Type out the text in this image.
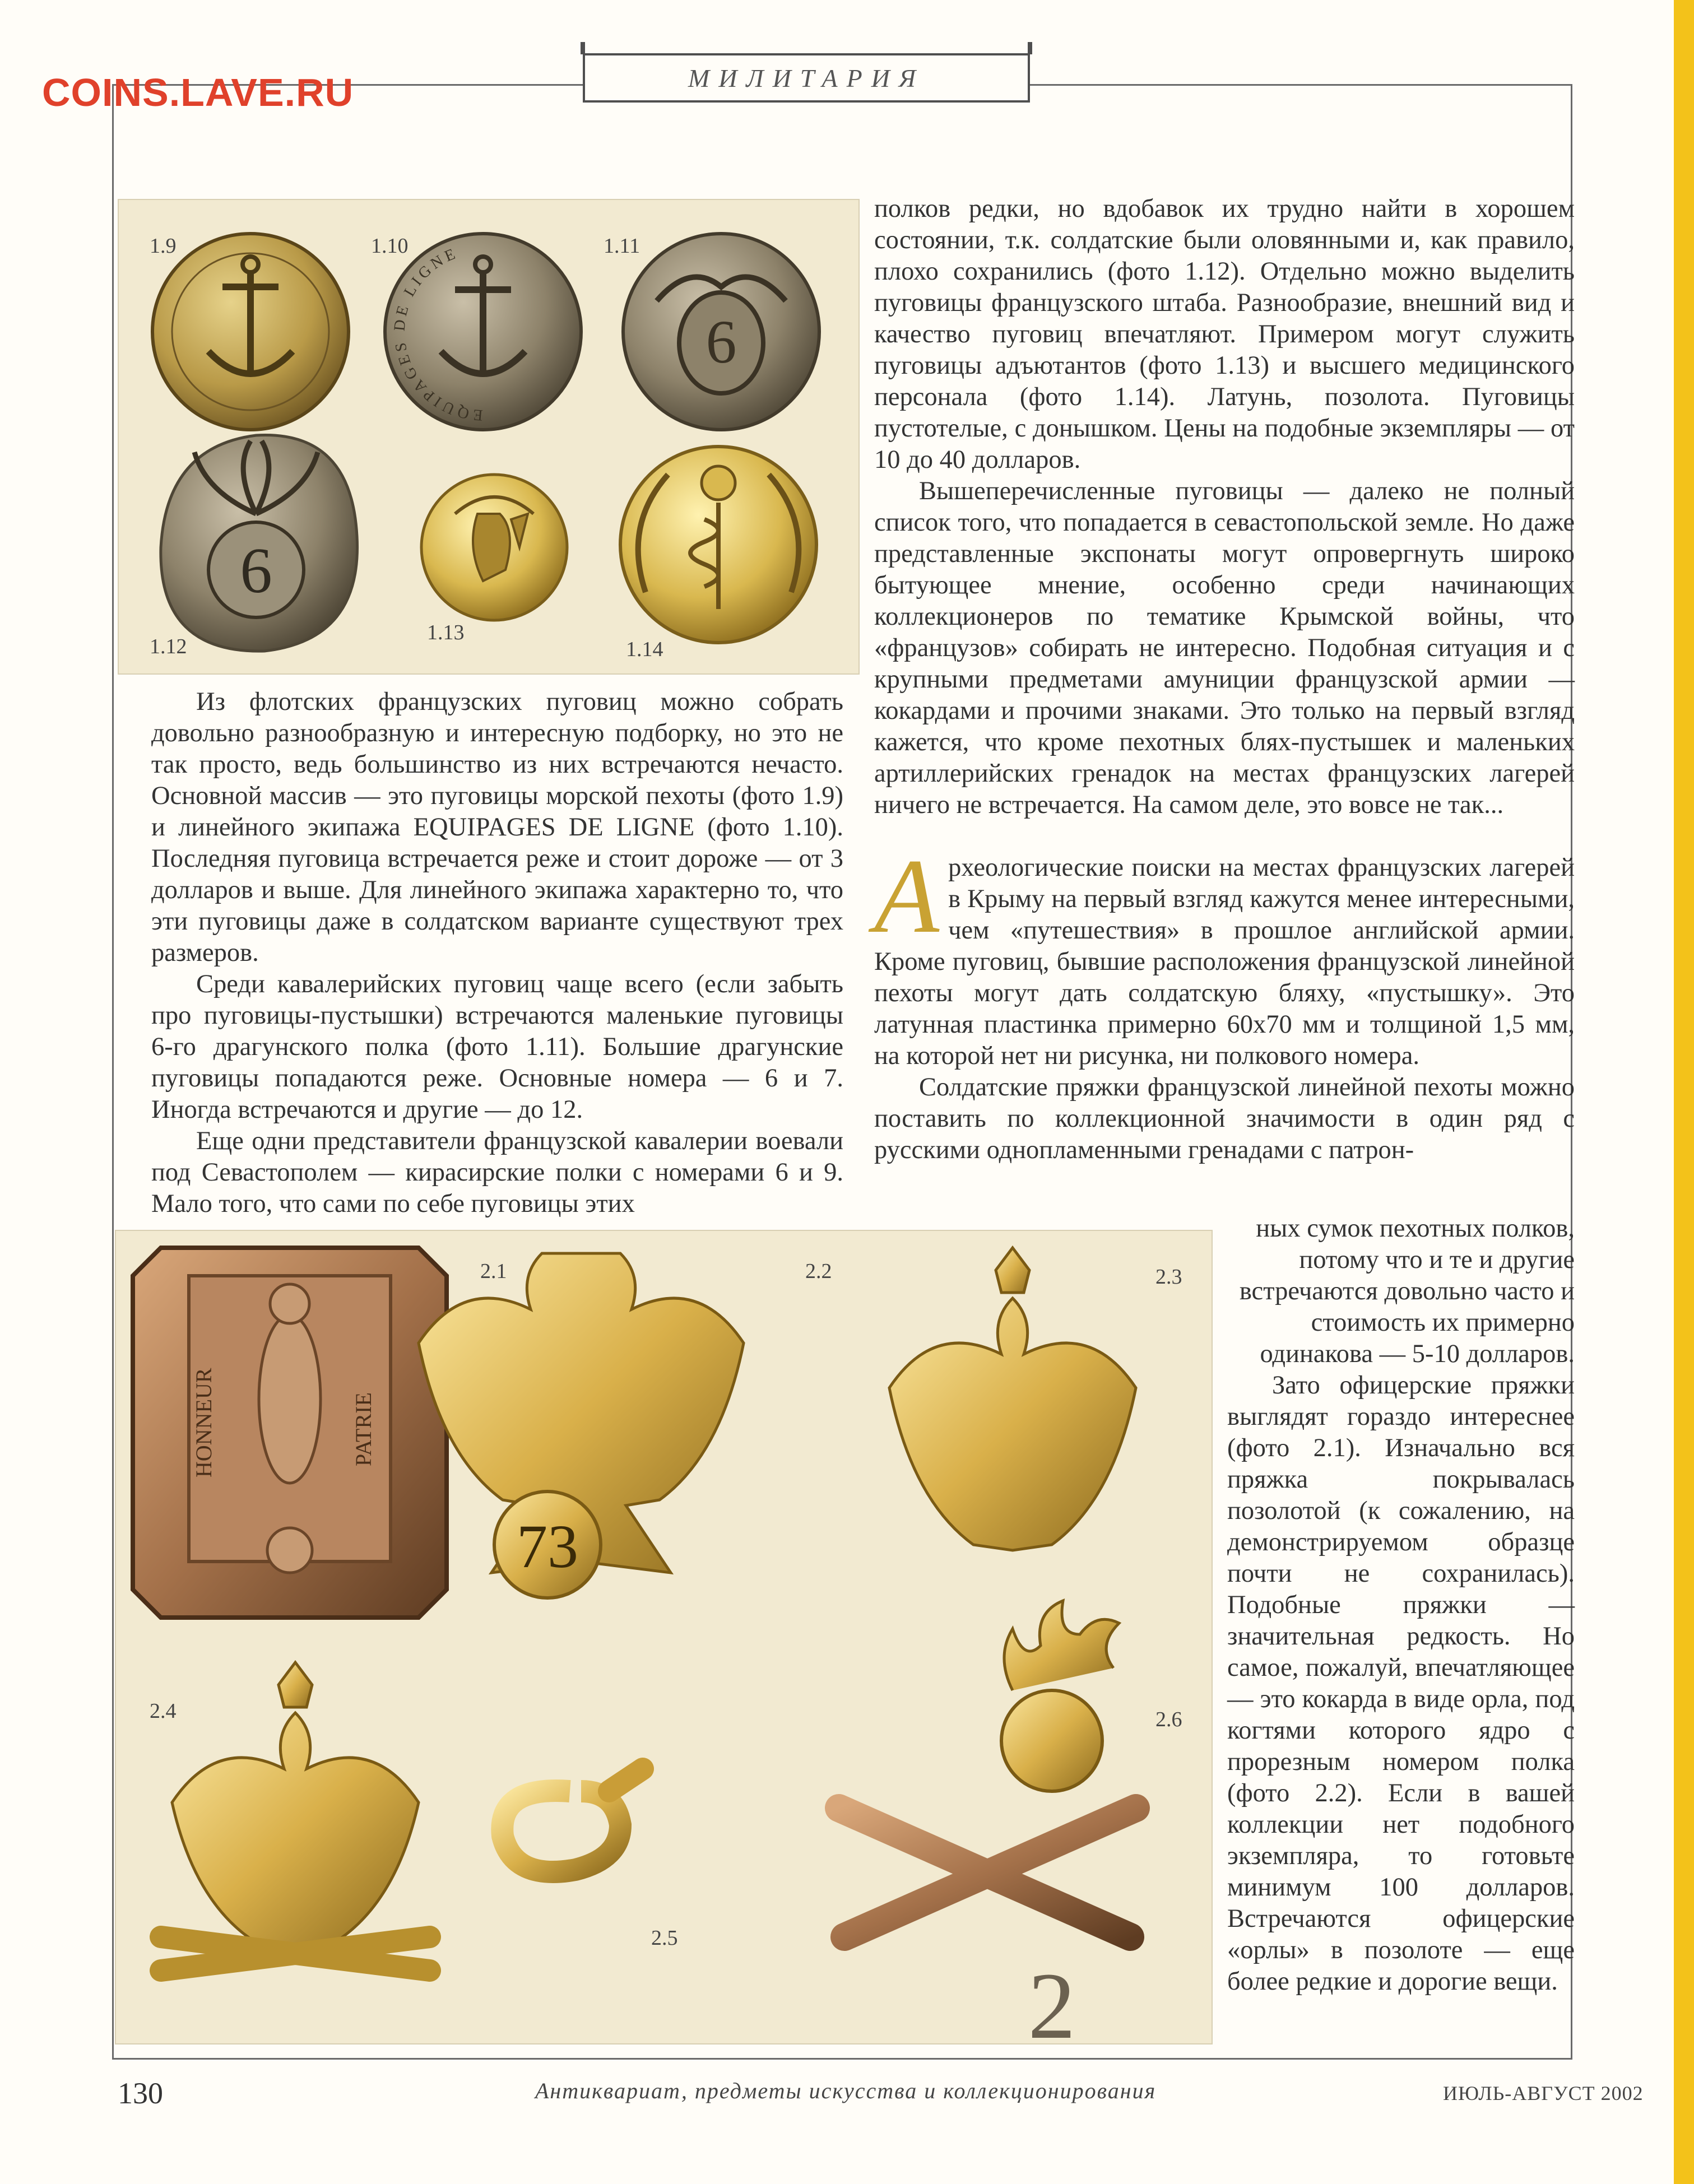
COINS.LAVE.RU	МИЛИТАРИЯ
EQUIPAGES DE LIGNE
6
6
1.9	1.10	1.11
1.12
1.13
1.14

Из флотских французских пуговиц можно собрать довольно разнообразную и интересную подборку, но это не так просто, ведь большинство из них встречаются нечасто. Основной массив — это пуговицы морской пехоты (фото 1.9) и линейного экипажа EQUIPAGES DE LIGNE (фото 1.10). Последняя пуговица встречается реже и стоит дороже — от 3 долларов и выше. Для линейного экипажа характерно то, что эти пуговицы даже в солдатском варианте существуют трех размеров.

Среди кавалерийских пуговиц чаще всего (если забыть про пуговицы-пустышки) встречаются маленькие пуговицы 6-го драгунского полка (фото 1.11). Большие драгунские пуговицы попадаются реже. Основные номера — 6 и 7. Иногда встречаются и другие — до 12.

Еще одни представители французской кавалерии воевали под Севастополем — кирасирские полки с номерами 6 и 9. Мало того, что сами по себе пуговицы этих

полков редки, но вдобавок их трудно найти в хорошем состоянии, т.к. солдатские были оловянными и, как правило, плохо сохранились (фото 1.12). Отдельно можно выделить пуговицы французского штаба. Разнообразие, внешний вид и качество пуговиц впечатляют. Примером могут служить пуговицы адъютантов (фото 1.13) и высшего медицинского персонала (фото 1.14). Латунь, позолота. Пуговицы пустотелые, с донышком. Цены на подобные экземпляры — от 10 до 40 долларов.

Вышеперечисленные пуговицы — далеко не полный список того, что попадается в севастопольской земле. Но даже представленные экспонаты могут опровергнуть широко бытующее мнение, особенно среди начинающих коллекционеров по тематике Крымской войны, что «французов» собирать не интересно. Подобная ситуация и с крупными предметами амуниции французской армии — кокардами и прочими знаками. Это только на первый взгляд кажется, что кроме пехотных блях-пустышек и маленьких артиллерийских гренадок на местах французских лагерей ничего не встречается. На самом деле, это вовсе не так...

Археологические поиски на местах французских лагерей в Крыму на первый взгляд кажутся менее интересными, чем «путешествия» в прошлое английской армии. Кроме пуговиц, бывшие расположения французской линейной пехоты могут дать солдатскую бляху, «пустышку». Это латунная пластинка примерно 60х70 мм и толщиной 1,5 мм, на которой нет ни рисунка, ни полкового номера.

Солдатские пряжки французской линейной пехоты можно поставить по коллекционной значимости в один ряд с русскими однопламенными гренадами с патрон-

HONNEUR	PATRIE
73
2
2.1	2.2	2.3
2.4
2.5
2.6

ных сумок пехотных полков, потому что и те и другие встречаются довольно часто и стоимость их примерно одинакова — 5-10 долларов.

Зато офицерские пряжки выглядят гораздо интереснее (фото 2.1). Изначально вся пряжка покрывалась позолотой (к сожалению, на демонстрируемом образце почти не сохранилась). Подобные пряжки — значительная редкость. Но самое, пожалуй, впечатляющее — это кокарда в виде орла, под когтями которого ядро с прорезным номером полка (фото 2.2). Если в вашей коллекции нет подобного экземпляра, то готовьте минимум 100 долларов. Встречаются офицерские «орлы» в позолоте — еще более редкие и дорогие вещи.

130	Антиквариат, предметы искусства и коллекционирования	ИЮЛЬ-АВГУСТ 2002
